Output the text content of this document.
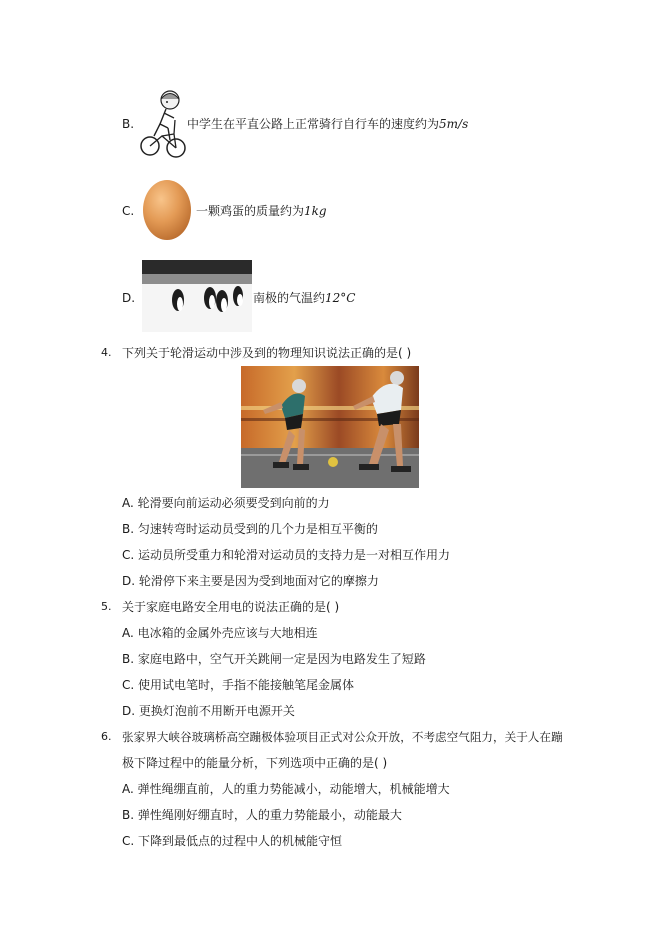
B.	中学生在平直公路上正常骑行自行车的速度约为5m/s
C.	一颗鸡蛋的质量约为1kg
D.	南极的气温约12°C
4. 下列关于轮滑运动中涉及到的物理知识说法正确的是( )
A. 轮滑要向前运动必须要受到向前的力
B. 匀速转弯时运动员受到的几个力是相互平衡的
C. 运动员所受重力和轮滑对运动员的支持力是一对相互作用力
D. 轮滑停下来主要是因为受到地面对它的摩擦力
5. 关于家庭电路安全用电的说法正确的是( )
A. 电冰箱的金属外壳应该与大地相连
B. 家庭电路中，空气开关跳闸一定是因为电路发生了短路
C. 使用试电笔时，手指不能接触笔尾金属体
D. 更换灯泡前不用断开电源开关
6. 张家界大峡谷玻璃桥高空蹦极体验项目正式对公众开放，不考虑空气阻力，关于人在蹦
极下降过程中的能量分析，下列选项中正确的是( )
A. 弹性绳绷直前，人的重力势能减小，动能增大，机械能增大
B. 弹性绳刚好绷直时，人的重力势能最小，动能最大
C. 下降到最低点的过程中人的机械能守恒
